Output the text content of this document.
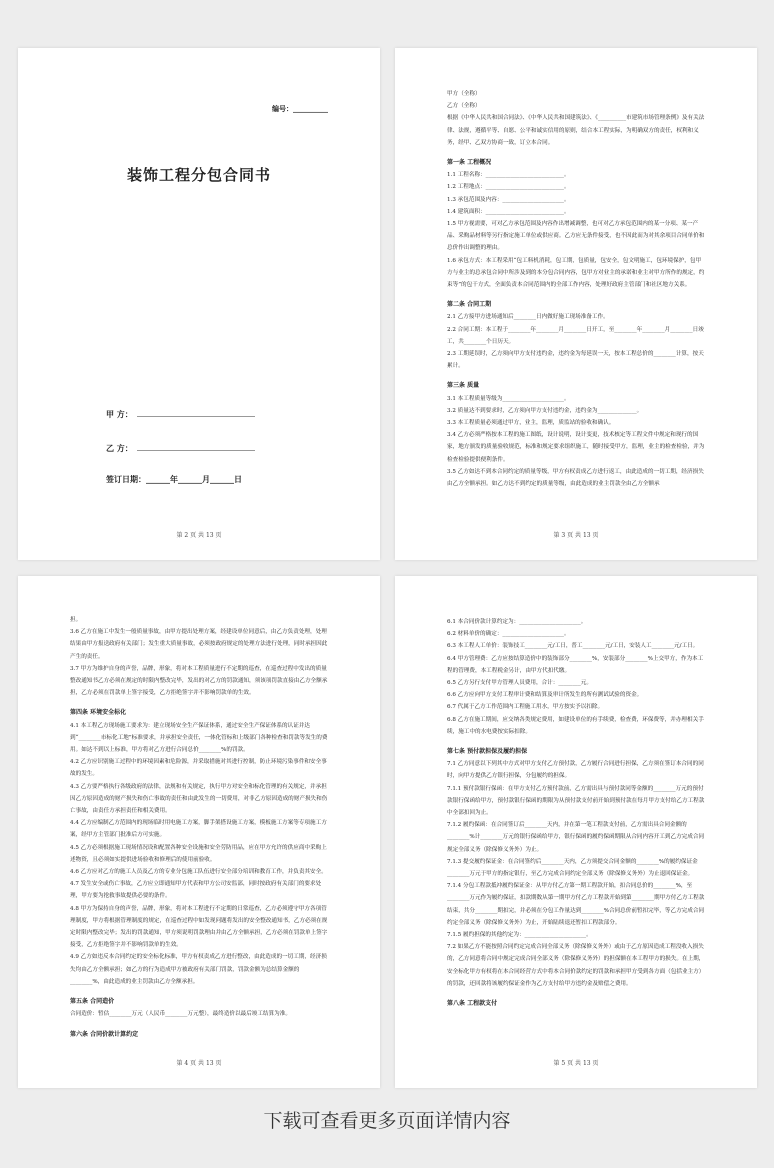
编号：__________
装饰工程分包合同书
甲 方：
乙 方：
签订日期：______年______月______日
第 2 页 共 13 页

甲方（全称）

乙方（全称）

根据《中华人民共和国合同法》、《中华人民共和国建筑法》、《__________市建筑市场管理条例》及有关法律、法规，遵循平等、自愿、公平和诚实信用的原则，结合本工程实际，为明确双方的责任，权利和义务，经甲、乙双方协商一致，订立本合同。

第一条 工程概况

1.1 工程名称：____________________________。

1.2 工程地点：____________________________。

1.3 承包范围及内容：______________________。

1.4 建筑面积：____________________________。

1.5 甲方视需要，可对乙方承包范围及内容作出增减调整，也可对乙方承包范围内的某一分项、某一产品、采购品材料等另行指定施工单位或供应商。乙方应无条件接受，也不因此而为对其余项目合同单价和总价作出调整的理由。

1.6 承包方式：本工程采用“包工料机消耗，包工期，包质量，包安全，包文明施工，包环境保护，包甲方与业主的总承包合同中所涉及到的本分包合同内容，包甲方对业主的承诺和业主对甲方所作的规定，约束等”的包干方式，全面负责本合同范围内的全部工作内容，处理好政府主管部门和社区地方关系。

第二条 合同工期

2.1 乙方接甲方进场通知后________日内做好施工现场准备工作。

2.2 合同工期：本工程于________年________月________日开工，至________年________月________日竣工，共________个日历天。

2.3 工期延误时，乙方须向甲方支付违约金，违约金为每延误一天，按本工程总价的________计算，按天累计。

第三条 质量

3.1 本工程质量等级为______________________。

3.2 质量达不到要求时，乙方须向甲方支付违约金，违约金为______________。

3.3 本工程质量必须通过甲方，业主，监理，质监站的验收和确认。

3.4 乙方必须严格按本工程的施工图纸，设计说明，设计变更，技术核定等工程文件中规定和现行的国家，地方颁发的质量验收规范，标准和规定要求组织施工，随时接受甲方，监理，业主的检查检验，并为检查检验提供便利条件。

3.5 乙方如达不到本合同约定的质量等级，甲方有权责成乙方进行返工，由此造成的一切工期，经济损失由乙方全额承担。如乙方达不到约定的质量等级，由此造成的业主罚款全由乙方全额承

第 3 页 共 13 页

担。

3.6 乙方在施工中发生一般质量事故，由甲方提出处理方案，经建设单位同意后，由乙方负责处理，处理结果由甲方报送政府有关部门；发生重大质量事故，必须按政府规定的处理方法进行处理，同时承担因此产生的责任。

3.7 甲方为维护自身的声誉，品牌，形象，将对本工程质量进行不定期的巡查，在巡查过程中发出的质量整改通知书乙方必须在规定的时限内整改完毕，发出的对乙方的罚款通知，须该项罚款直接由乙方全额承担，乙方必须在罚款单上签字接受，乙方拒绝签字并不影响罚款单的生效。

第四条 环境安全标化

4.1 本工程乙方现场施工要求为：建立现场安全生产保证体系，通过安全生产保证体系的认证并达到“________市标化工地”标准要求，并承担安全责任，一体化管标和上级部门各种检查和罚款等发生的费用。如达不到以上标准，甲方将对乙方进行合同总价________%的罚款。

4.2 乙方应识别施工过程中的环境因素和危险源，并采取措施对其进行控制，防止环境污染事件和安全事故的发生。

4.3 乙方要严格执行各级政府的法律，法规和有关规定，执行甲方对安全和标化管理的有关规定，并承担因乙方原因造成的财产损失和伤亡事故的责任和由此发生的一切费用，对非乙方原因造成的财产损失和伤亡事故，由责任方承担责任和相关费用。

4.4 乙方应编制乙方范围内的现场临时用电施工方案，脚手架搭设施工方案，模板施工方案等专项施工方案，经甲方主管部门批准后方可实施。

4.5 乙方必须根据施工现场情况设和配置各种安全设施和安全劳防用品，应在甲方允许的供应商中采购上述物资，且必须如实提供进场验收和修理后的使用前验收。

4.6 乙方应对乙方的施工人员及乙方的专业分包施工队伍进行安全部分培训和教育工作，并负责其安全。

4.7 发生安全或伤亡事故，乙方应立即通知甲方代表和甲方公司安监部，同时按政府有关部门的要求处理，甲方要为抢救事故提供必要的条件。

4.8 甲方为保持自身的声誉，品牌，形象，将对本工程进行不定期的日常巡查，乙方必须遵守甲方各项管理制度，甲方将根据管理制度的规定，在巡查过程中如发现问题将发出的安全整改通知书，乙方必须在规定时限内整改完毕；发出的罚款通知，甲方须说明罚款理由并由乙方全额承担，乙方必须在罚款单上签字接受，乙方拒绝签字并不影响罚款单的生效。

4.9 乙方如违反本合同约定的安全标化标准，甲方有权责成乙方进行整改，由此造成的一切工期，经济损失均由乙方全额承担；如乙方的行为造成甲方被政府有关部门罚款，罚款金额为总结算金额的________%，由此造成的业主罚款由乙方全额承担。

第五条 合同造价

合同造价：暂估________万元（人民币________万元整），最终造价以最后竣工结算为准。

第六条 合同价款计算约定

第 4 页 共 13 页

6.1 本合同价款计算约定为：______________________。

6.2 材料单价的确定：______________________。

6.3 本工程人工单价：装饰技工________元/工日，普工________元/工日，安装人工________元/工日。

6.4 甲方管理费：乙方应按结算造价中的装饰部分________%，安装部分________%上交甲方，作为本工程的管理费，本工程税金另计，由甲方代扣代缴。

6.5 乙方另行支付甲方管理人员费用，合计：________元。

6.6 乙方应向甲方支付工程审计费和结算及审计所发生的所有测试试验的资金。

6.7 代属于乙方工作范围内工程施工用水，甲方按实予以扣除。

6.8 乙方在施工期间，应交纳各类规定费用，如建设单位的有手续费，检查费，环保费等，并办理相关手续，施工中的水电费按实际扣除。

第七条 预付款担保及履约担保

7.1 乙方同意以下列其中方式对甲方支付乙方预付款，乙方履行合同进行担保，乙方须在签订本合同的同时，向甲方提供乙方银行担保，分包履约的担保。

7.1.1 预付款银行保函：在甲方支付乙方预付款前，乙方需出具与预付款同等金额的________万元的预付款银行保函给甲方，预付款银行保函的期限为从预付款支付前开始到预付款在每月甲方支付给乙方工程款中全部扣回为止。

7.1.2 履约保函：在合同签订后________天内，并在第一笔工程款支付前，乙方需出具合同金额的________%计________万元的银行保函给甲方，银行保函的履约保函期限从合同内容开工到乙方完成合同规定全部义务（除保修义务外）为止。

7.1.3 提交履约保证金：在合同签约后________天内，乙方须提交合同金额的________%的履约保证金________万元于甲方的指定银行，至乙方完成合同约定全部义务（除保修义务外）为止退回保证金。

7.1.4 分包工程款抵冲履约保证金：从甲方付乙方第一期工程款开始，扣合同总价的________%，至________万元作为履约保证，扣款期数从第一期甲方付乙方工程款开始到第________期甲方付乙方工程款结束，共分________期扣完，并必须在分包工作量达到________%合同总价前暂扣完毕，等乙方完成合同约定全部义务（除保修义务外）为止，开始陆续退还暂扣工程款部分。

7.1.5 履约担保的其他约定为：______________________。

7.2 如果乙方不能按照合同约定完成合同全部义务（除保修义务外）或由于乙方原因造成工程没收入损失的，乙方同意将合同中规定完成合同全部义务（除保修义务外）的担保额在本工程甲方的损失。在上期，安全标化甲方有权将在本合同经营方式中将本合同价款约定的罚款和承担甲方受到各方面（包括业主方）的罚款，还回款将该履约保证金作为乙方支付给甲方违约金及赔偿之费用。

第八条 工程款支付

第 5 页 共 13 页
下载可查看更多页面详情内容
